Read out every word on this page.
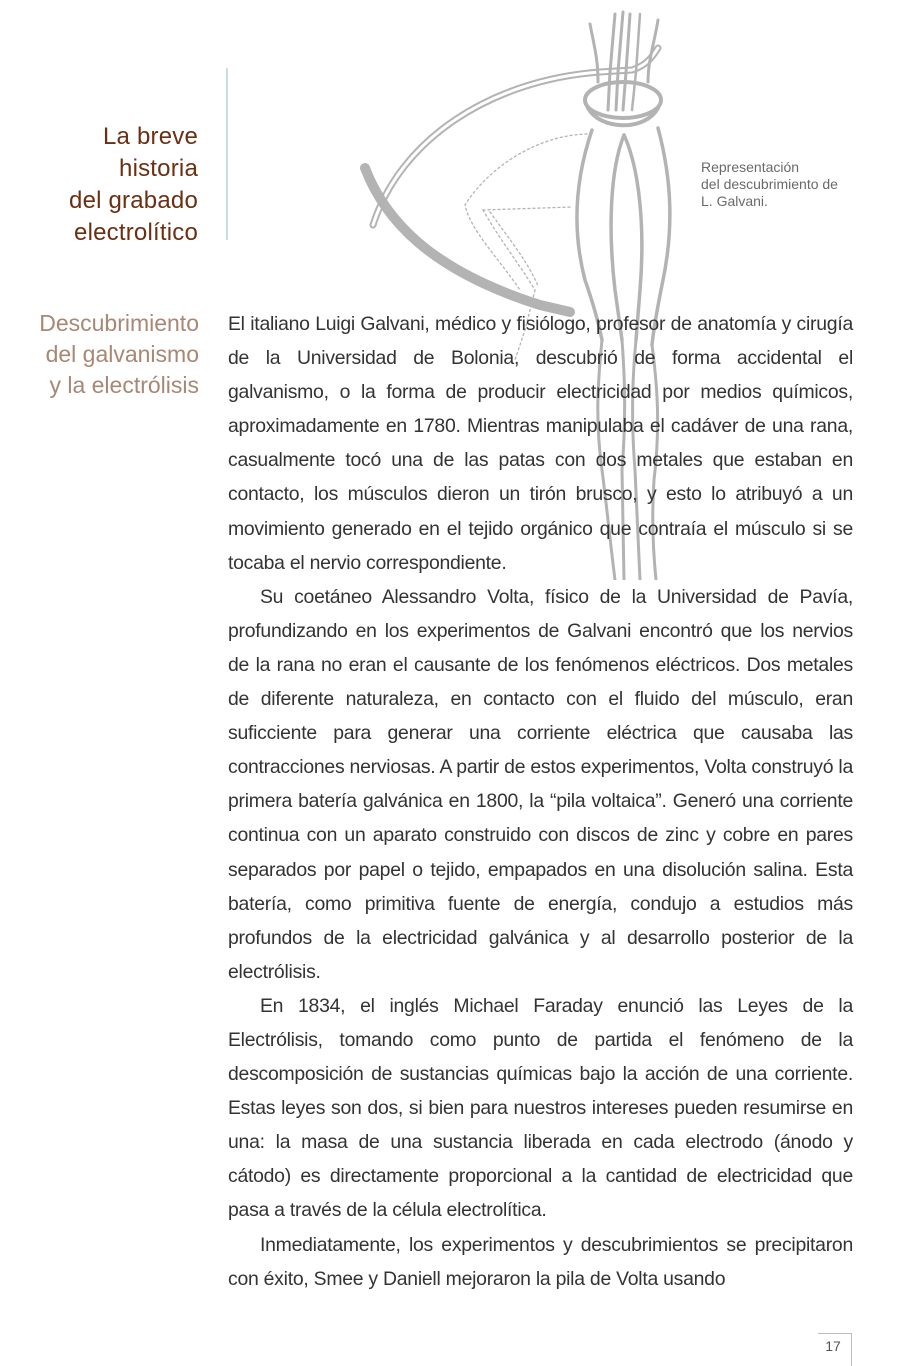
La breve
historia
del grabado
electrolítico
Representación
del descubrimiento de
L. Galvani.
Descubrimiento
del galvanismo
y la electrólisis

El italiano Luigi Galvani, médico y fisiólogo, profesor de anatomía y cirugía de la Universidad de Bolonia, descubrió de forma accidental el galvanismo, o la forma de producir electricidad por medios químicos, aproximadamente en 1780. Mientras manipulaba el cadáver de una rana, casualmente tocó una de las patas con dos metales que estaban en contacto, los músculos dieron un tirón brusco, y esto lo atribuyó a un movimiento generado en el tejido orgánico que contraía el músculo si se tocaba el nervio correspondiente.

Su coetáneo Alessandro Volta, físico de la Universidad de Pavía, profundizando en los experimentos de Galvani encontró que los nervios de la rana no eran el causante de los fenómenos eléctricos. Dos metales de diferente naturaleza, en contacto con el fluido del músculo, eran suficciente para generar una corriente eléctrica que causaba las contracciones nerviosas. A partir de estos experimentos, Volta construyó la primera batería galvánica en 1800, la “pila voltaica”. Generó una corriente continua con un aparato construido con discos de zinc y cobre en pares separados por papel o tejido, empapados en una disolución salina. Esta batería, como primitiva fuente de energía, condujo a estudios más profundos de la electricidad galvánica y al desarrollo posterior de la electrólisis.

En 1834, el inglés Michael Faraday enunció las Leyes de la Electrólisis, tomando como punto de partida el fenómeno de la descomposición de sustancias químicas bajo la acción de una corriente. Estas leyes son dos, si bien para nuestros intereses pueden resumirse en una: la masa de una sustancia liberada en cada electrodo (ánodo y cátodo) es directamente proporcional a la cantidad de electricidad que pasa a través de la célula electrolítica.

Inmediatamente, los experimentos y descubrimientos se precipitaron con éxito, Smee y Daniell mejoraron la pila de Volta usando

17
